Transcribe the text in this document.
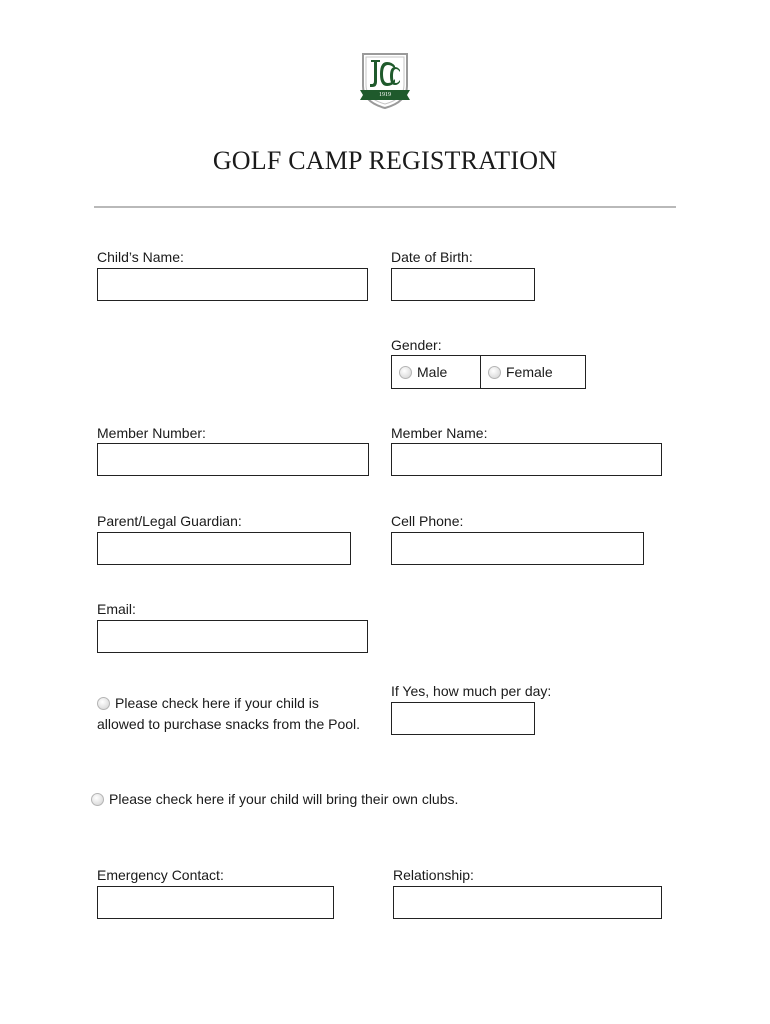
1919
GOLF CAMP REGISTRATION
Child’s Name:	Date of Birth:
Gender:
Male	Female
Member Number:	Member Name:
Parent/Legal Guardian:	Cell Phone:
Email:
Please check here if your child is allowed to purchase snacks from the Pool.
If Yes, how much per day:
Please check here if your child will bring their own clubs.
Emergency Contact:	Relationship:
